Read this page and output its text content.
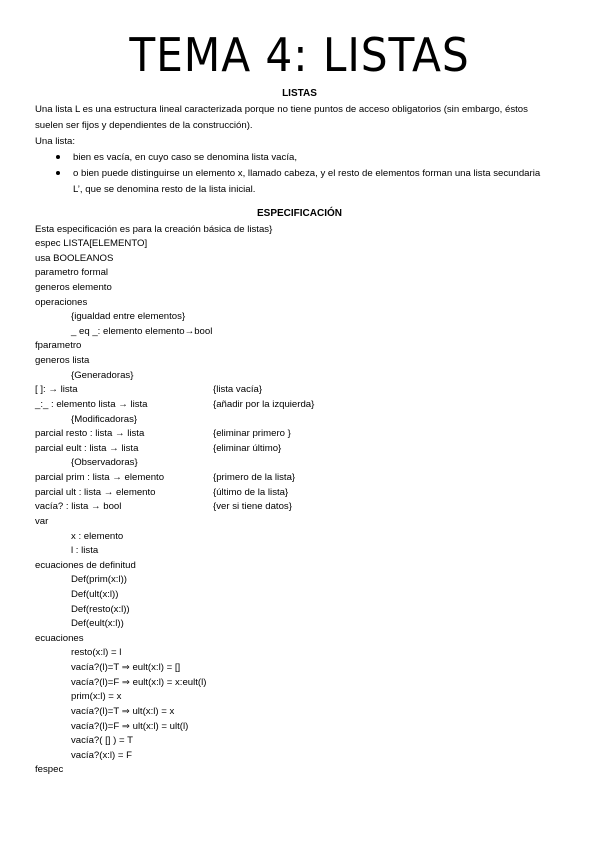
TEMA 4: LISTAS
LISTAS
Una lista L es una estructura lineal caracterizada porque no tiene puntos de acceso obligatorios (sin embargo, éstos
suelen ser fijos y dependientes de la construcción).
Una lista:
bien es vacía, en cuyo caso se denomina lista vacía,
o bien puede distinguirse un elemento x, llamado cabeza, y el resto de elementos forman una lista secundaria
L’, que se denomina resto de la lista inicial.
ESPECIFICACIÓN
Esta especificación es para la creación básica de listas}
espec LISTA[ELEMENTO]
usa BOOLEANOS
parametro formal
generos elemento
operaciones
{igualdad entre elementos}
_ eq _: elemento elemento→bool
fparametro
generos lista
{Generadoras}
[ ]: → lista	{lista vacía}
_:_ : elemento lista → lista	{añadir por la izquierda}
{Modificadoras}
parcial resto : lista → lista	{eliminar primero }
parcial eult : lista → lista	{eliminar último}
{Observadoras}
parcial prim : lista → elemento	{primero de la lista}
parcial ult : lista → elemento	{último de la lista}
vacía? : lista → bool	{ver si tiene datos}
var
x : elemento
l : lista
ecuaciones de definitud
Def(prim(x:l))
Def(ult(x:l))
Def(resto(x:l))
Def(eult(x:l))
ecuaciones
resto(x:l) = l
vacía?(l)=T ⇒ eult(x:l) = []
vacía?(l)=F ⇒ eult(x:l) = x:eult(l)
prim(x:l) = x
vacía?(l)=T ⇒ ult(x:l) = x
vacía?(l)=F ⇒ ult(x:l) = ult(l)
vacía?( [] ) = T
vacía?(x:l) = F
fespec
